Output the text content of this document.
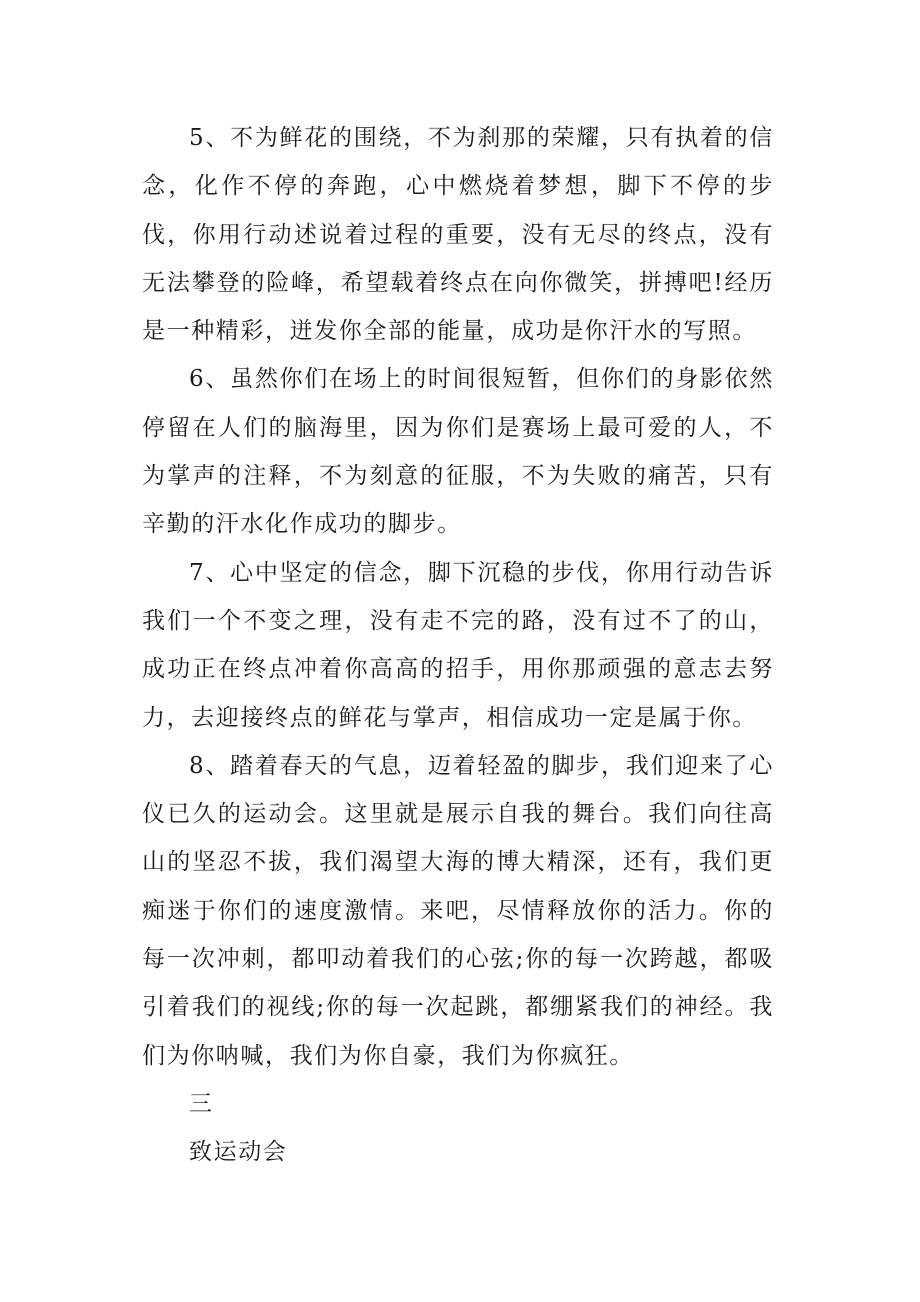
5、不为鲜花的围绕，不为刹那的荣耀，只有执着的信念，化作不停的奔跑，心中燃烧着梦想，脚下不停的步伐，你用行动述说着过程的重要，没有无尽的终点，没有无法攀登的险峰，希望载着终点在向你微笑，拼搏吧!经历是一种精彩，迸发你全部的能量，成功是你汗水的写照。

6、虽然你们在场上的时间很短暂，但你们的身影依然停留在人们的脑海里，因为你们是赛场上最可爱的人，不为掌声的注释，不为刻意的征服，不为失败的痛苦，只有辛勤的汗水化作成功的脚步。

7、心中坚定的信念，脚下沉稳的步伐，你用行动告诉我们一个不变之理，没有走不完的路，没有过不了的山，成功正在终点冲着你高高的招手，用你那顽强的意志去努力，去迎接终点的鲜花与掌声，相信成功一定是属于你。

8、踏着春天的气息，迈着轻盈的脚步，我们迎来了心仪已久的运动会。这里就是展示自我的舞台。我们向往高山的坚忍不拔，我们渴望大海的博大精深，还有，我们更痴迷于你们的速度激情。来吧，尽情释放你的活力。你的每一次冲刺，都叩动着我们的心弦;你的每一次跨越，都吸引着我们的视线;你的每一次起跳，都绷紧我们的神经。我们为你呐喊，我们为你自豪，我们为你疯狂。

三

致运动会
